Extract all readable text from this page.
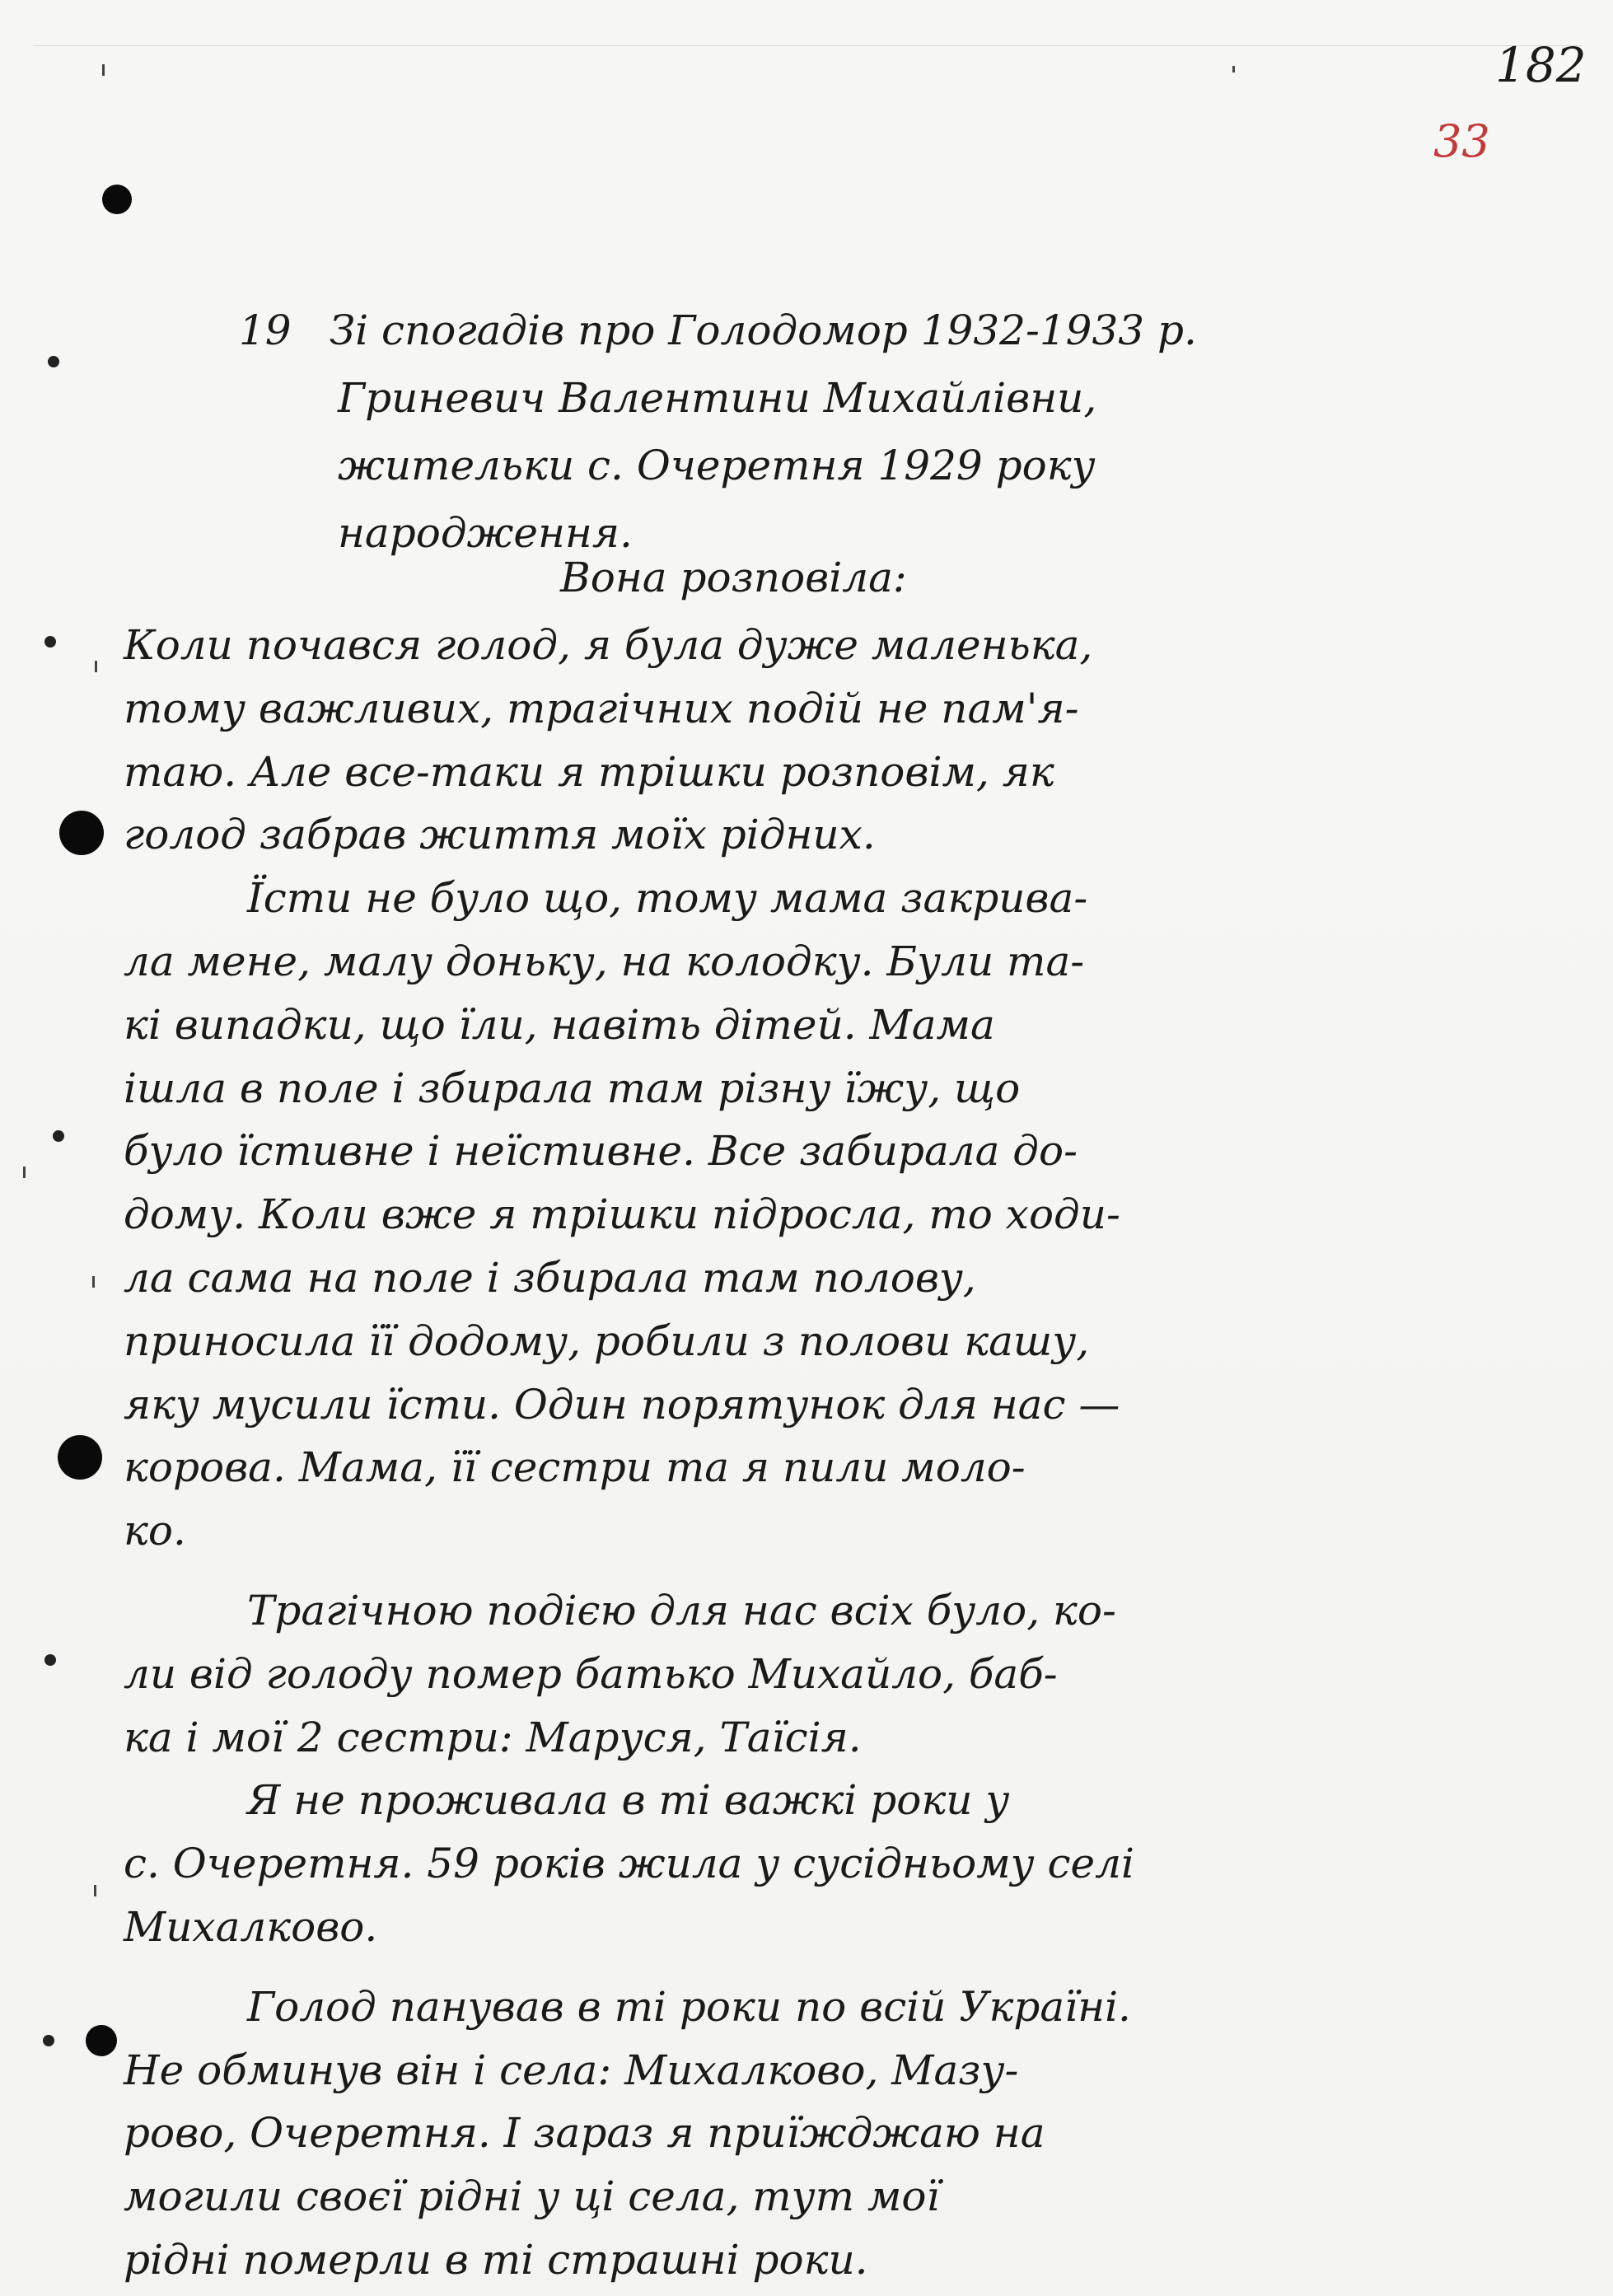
182
33
19 Зі спогадів про Голодомор 1932-1933 р.
Гриневич Валентини Михайлівни,
жительки с. Очеретня 1929 року
народження.
Вона розповіла:
Коли почався голод, я була дуже маленька,
тому важливих, трагічних подій не пам'я-
таю. Але все-таки я трішки розповім, як
голод забрав життя моїх рідних.
Їсти не було що, тому мама закрива-
ла мене, малу доньку, на колодку. Були та-
кі випадки, що їли, навіть дітей. Мама
ішла в поле і збирала там різну їжу, що
було їстивне і неїстивне. Все забирала до-
дому. Коли вже я трішки підросла, то ходи-
ла сама на поле і збирала там полову,
приносила її додому, робили з полови кашу,
яку мусили їсти. Один порятунок для нас —
корова. Мама, її сестри та я пили моло-
ко.
Трагічною подією для нас всіх було, ко-
ли від голоду помер батько Михайло, баб-
ка і мої 2 сестри: Маруся, Таїсія.
Я не проживала в ті важкі роки у
с. Очеретня. 59 років жила у сусідньому селі
Михалково.
Голод панував в ті роки по всій Україні.
Не обминув він і села: Михалково, Мазу-
рово, Очеретня. І зараз я приїжджаю на
могили своєї рідні у ці села, тут мої
рідні померли в ті страшні роки.
